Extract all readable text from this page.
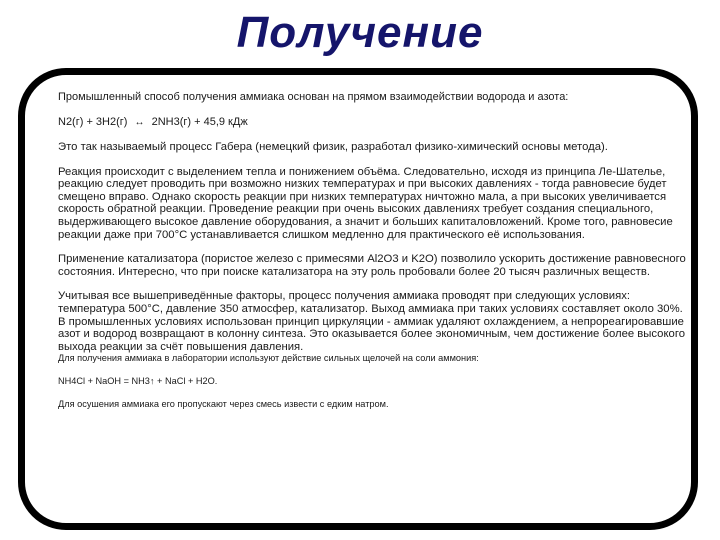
Получение

Промышленный способ получения аммиака основан на прямом взаимодействии водорода и азота:

N2(г) + 3H2(г) ↔ 2NH3(г) + 45,9 кДж

Это так называемый процесс Габера (немецкий физик, разработал физико-химический основы метода).

Реакция происходит с выделением тепла и понижением объёма. Следовательно, исходя из принципа Ле-Шателье, реакцию следует проводить при возможно низких температурах и при высоких давлениях - тогда равновесие будет смещено вправо. Однако скорость реакции при низких температурах ничтожно мала, а при высоких увеличивается скорость обратной реакции. Проведение реакции при очень высоких давлениях требует создания специального, выдерживающего высокое давление оборудования, а значит и больших капиталовложений. Кроме того, равновесие реакции даже при 700°С устанавливается слишком медленно для практического её использования.

Применение катализатора (пористое железо с примесями Al2O3 и K2O) позволило ускорить достижение равновесного состояния. Интересно, что при поиске катализатора на эту роль пробовали более 20 тысяч различных веществ.

Учитывая все вышеприведённые факторы, процесс получения аммиака проводят при следующих условиях: температура 500°С, давление 350 атмосфер, катализатор. Выход аммиака при таких условиях составляет около 30%. В промышленных условиях использован принцип циркуляции - аммиак удаляют охлаждением, а непрореагировавшие азот и водород возвращают в колонну синтеза. Это оказывается более экономичным, чем достижение более высокого выхода реакции за счёт повышения давления.

Для получения аммиака в лаборатории используют действие сильных щелочей на соли аммония:

NH4Cl + NaOH = NH3↑ + NaCl + H2O.

Для осушения аммиака его пропускают через смесь извести с едким натром.
